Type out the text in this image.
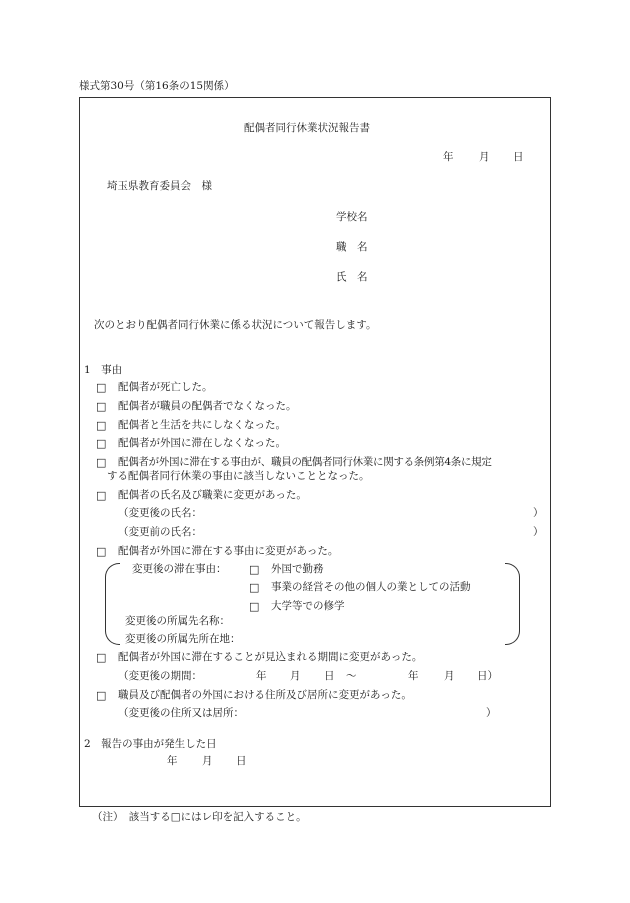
様式第30号（第16条の15関係）
配偶者同行休業状況報告書
年 月 日
埼玉県教育委員会　様
学校名
職　名
氏　名
次のとおり配偶者同行休業に係る状況について報告します。
1　事由
□ 配偶者が死亡した。
□ 配偶者が職員の配偶者でなくなった。
□ 配偶者と生活を共にしなくなった。
□ 配偶者が外国に滞在しなくなった。
□ 配偶者が外国に滞在する事由が、職員の配偶者同行休業に関する条例第4条に規定
する配偶者同行休業の事由に該当しないこととなった。
□ 配偶者の氏名及び職業に変更があった。
（変更後の氏名：	）
（変更前の氏名：	）
□ 配偶者が外国に滞在する事由に変更があった。
変更後の滞在事由： □ 外国で勤務
□ 事業の経営その他の個人の業としての活動
□ 大学等での修学
変更後の所属先名称：
変更後の所属先所在地：
□ 配偶者が外国に滞在することが見込まれる期間に変更があった。
（変更後の期間：	年 月 日 ～	年 月 日）
□ 職員及び配偶者の外国における住所及び居所に変更があった。
（変更後の住所又は居所：	）
2　報告の事由が発生した日
年 月 日
（注）　該当する□にはレ印を記入すること。
